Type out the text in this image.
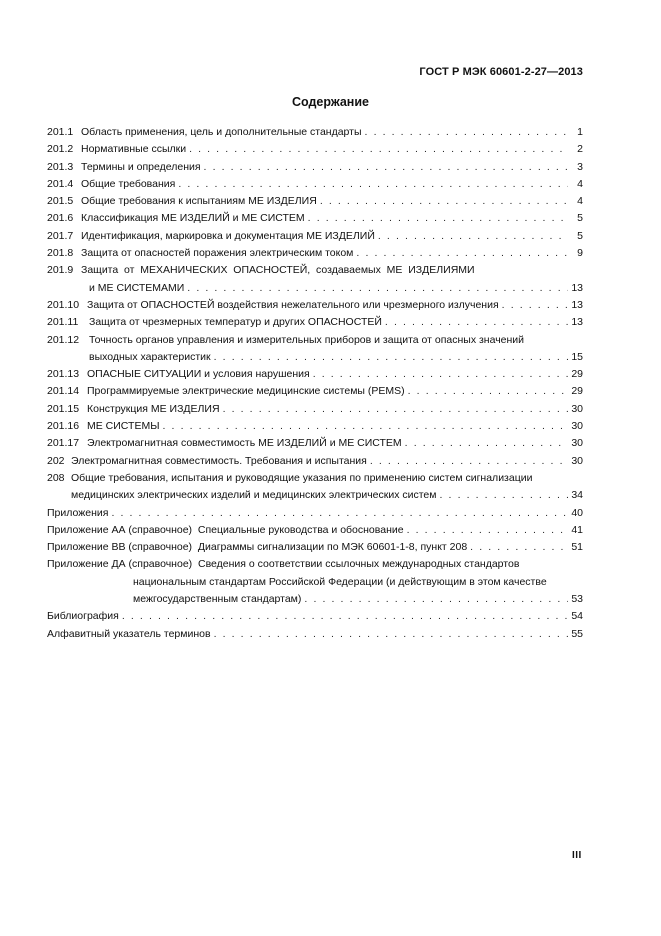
ГОСТ Р МЭК 60601-2-27—2013
Содержание
201.1 Область применения, цель и дополнительные стандарты . . .	1
201.2 Нормативные ссылки . . .	2
201.3 Термины и определения . . .	3
201.4 Общие требования . . .	4
201.5 Общие требования к испытаниям МЕ ИЗДЕЛИЯ . . .	4
201.6 Классификация МЕ ИЗДЕЛИЙ и МЕ СИСТЕМ . . .	5
201.7 Идентификация, маркировка и документация МЕ ИЗДЕЛИЙ . . .	5
201.8 Защита от опасностей поражения электрическим током . . .	9
201.9 Защита  от  МЕХАНИЧЕСКИХ  ОПАСНОСТЕЙ,  создаваемых  МЕ  ИЗДЕЛИЯМИ
и МЕ СИСТЕМАМИ . . .	13
201.10 Защита от ОПАСНОСТЕЙ воздействия нежелательного или чрезмерного излучения . . .	13
201.11	Защита от чрезмерных температур и других ОПАСНОСТЕЙ . . .	13
201.12 Точность органов управления и измерительных приборов и защита от опасных значений
выходных характеристик . . .	15
201.13 ОПАСНЫЕ СИТУАЦИИ и условия нарушения . . .	29
201.14 Программируемые электрические медицинские системы (PEMS) . . .	29
201.15 Конструкция МЕ ИЗДЕЛИЯ . . .	30
201.16 МЕ СИСТЕМЫ . . .	30
201.17 Электромагнитная совместимость МЕ ИЗДЕЛИЙ и МЕ СИСТЕМ . . .	30
202 Электромагнитная совместимость. Требования и испытания . . .	30
208 Общие требования, испытания и руководящие указания по применению систем сигнализации
медицинских электрических изделий и медицинских электрических систем . . .	34
Приложения . . .	40
Приложение АА (справочное)  Специальные руководства и обоснование . . .	41
Приложение ВВ (справочное)  Диаграммы сигнализации по МЭК 60601-1-8, пункт 208 . . .	51
Приложение ДА (справочное)  Сведения о соответствии ссылочных международных стандартов
национальным стандартам Российской Федерации (и действующим в этом качестве
межгосударственным стандартам) . . .	53
Библиография . . .	54
Алфавитный указатель терминов . . .	55
III
